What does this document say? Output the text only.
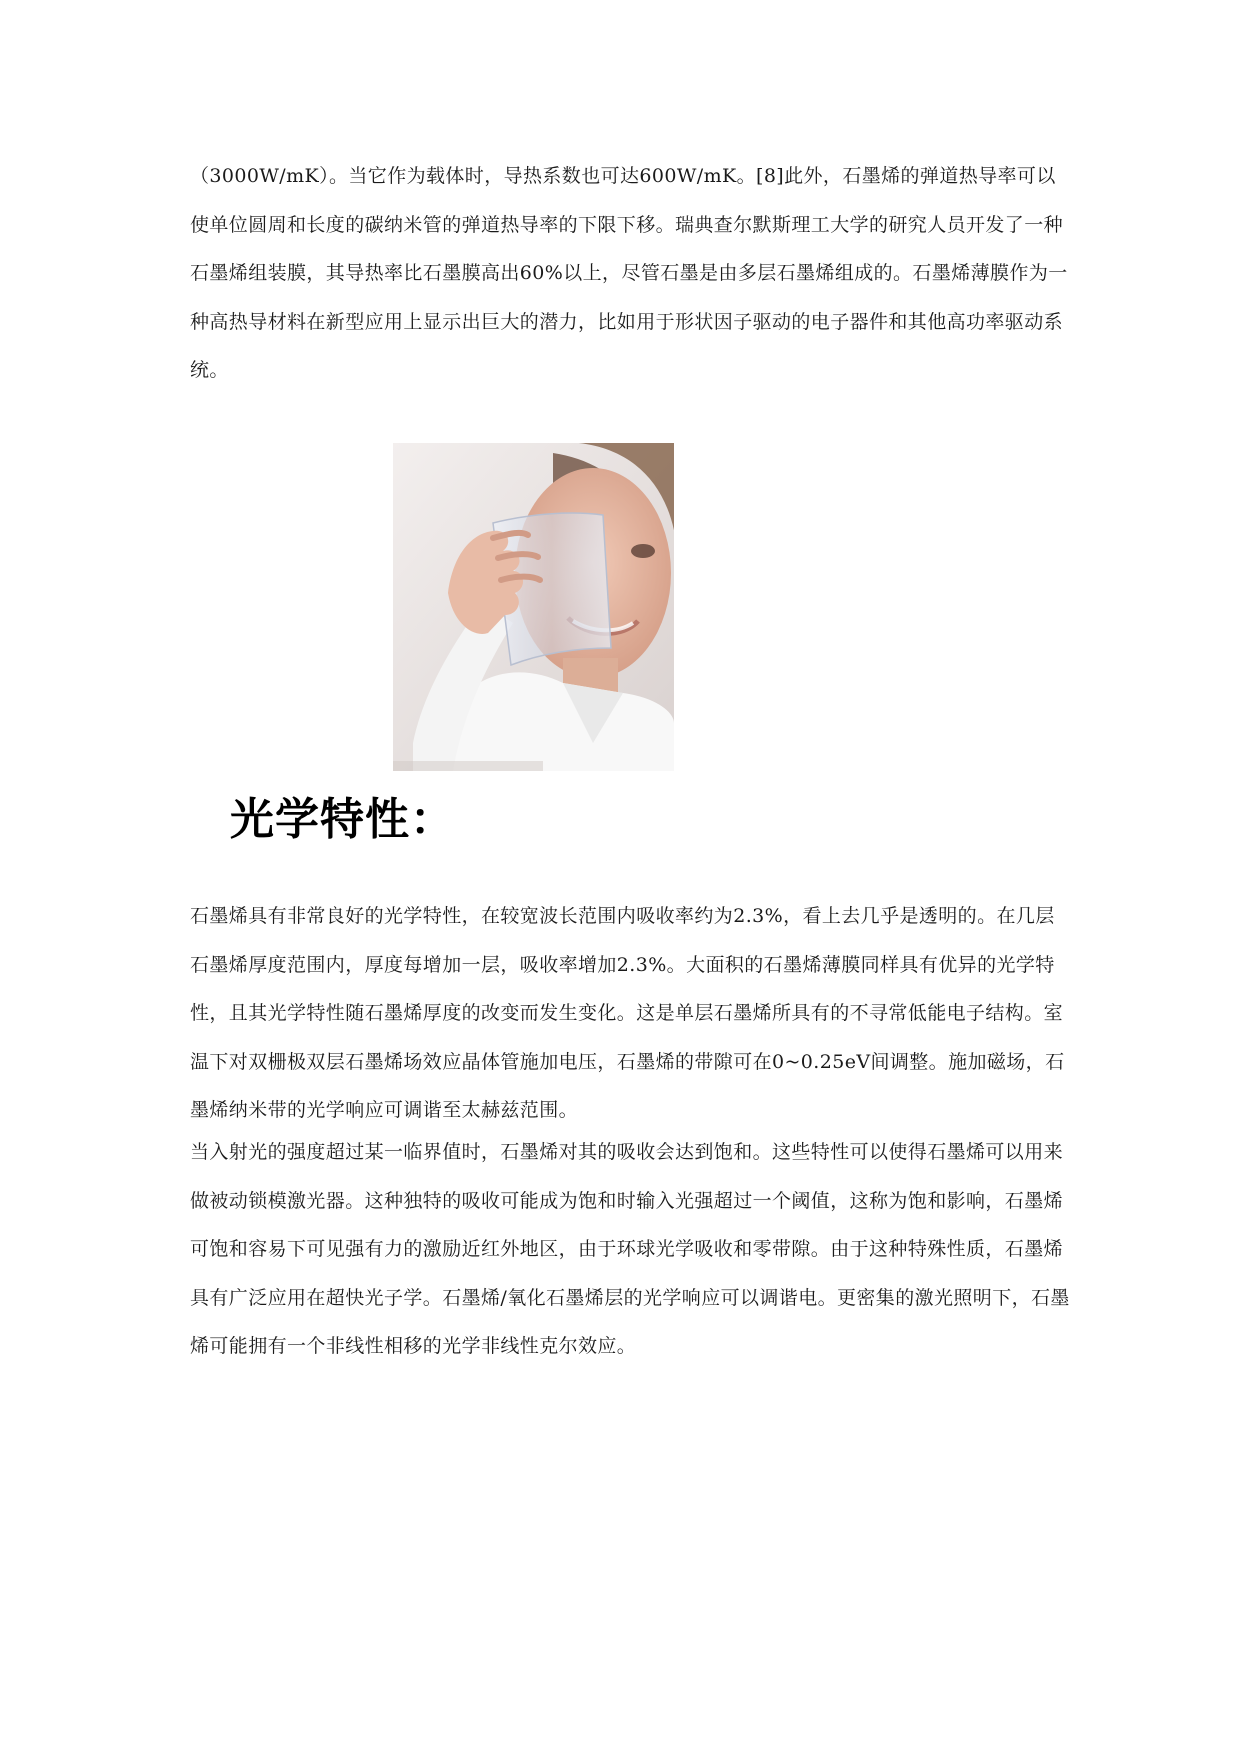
（3000W/mK）。当它作为载体时，导热系数也可达600W/mK。[8]此外，石墨烯的弹道热导率可以使单位圆周和长度的碳纳米管的弹道热导率的下限下移。瑞典查尔默斯理工大学的研究人员开发了一种石墨烯组装膜，其导热率比石墨膜高出60%以上，尽管石墨是由多层石墨烯组成的。石墨烯薄膜作为一种高热导材料在新型应用上显示出巨大的潜力，比如用于形状因子驱动的电子器件和其他高功率驱动系统。

光学特性：

石墨烯具有非常良好的光学特性，在较宽波长范围内吸收率约为2.3%，看上去几乎是透明的。在几层石墨烯厚度范围内，厚度每增加一层，吸收率增加2.3%。大面积的石墨烯薄膜同样具有优异的光学特性，且其光学特性随石墨烯厚度的改变而发生变化。这是单层石墨烯所具有的不寻常低能电子结构。室温下对双栅极双层石墨烯场效应晶体管施加电压，石墨烯的带隙可在0~0.25eV间调整。施加磁场，石墨烯纳米带的光学响应可调谐至太赫兹范围。

当入射光的强度超过某一临界值时，石墨烯对其的吸收会达到饱和。这些特性可以使得石墨烯可以用来做被动锁模激光器。这种独特的吸收可能成为饱和时输入光强超过一个阈值，这称为饱和影响，石墨烯可饱和容易下可见强有力的激励近红外地区，由于环球光学吸收和零带隙。由于这种特殊性质，石墨烯具有广泛应用在超快光子学。石墨烯/氧化石墨烯层的光学响应可以调谐电。更密集的激光照明下，石墨烯可能拥有一个非线性相移的光学非线性克尔效应。
